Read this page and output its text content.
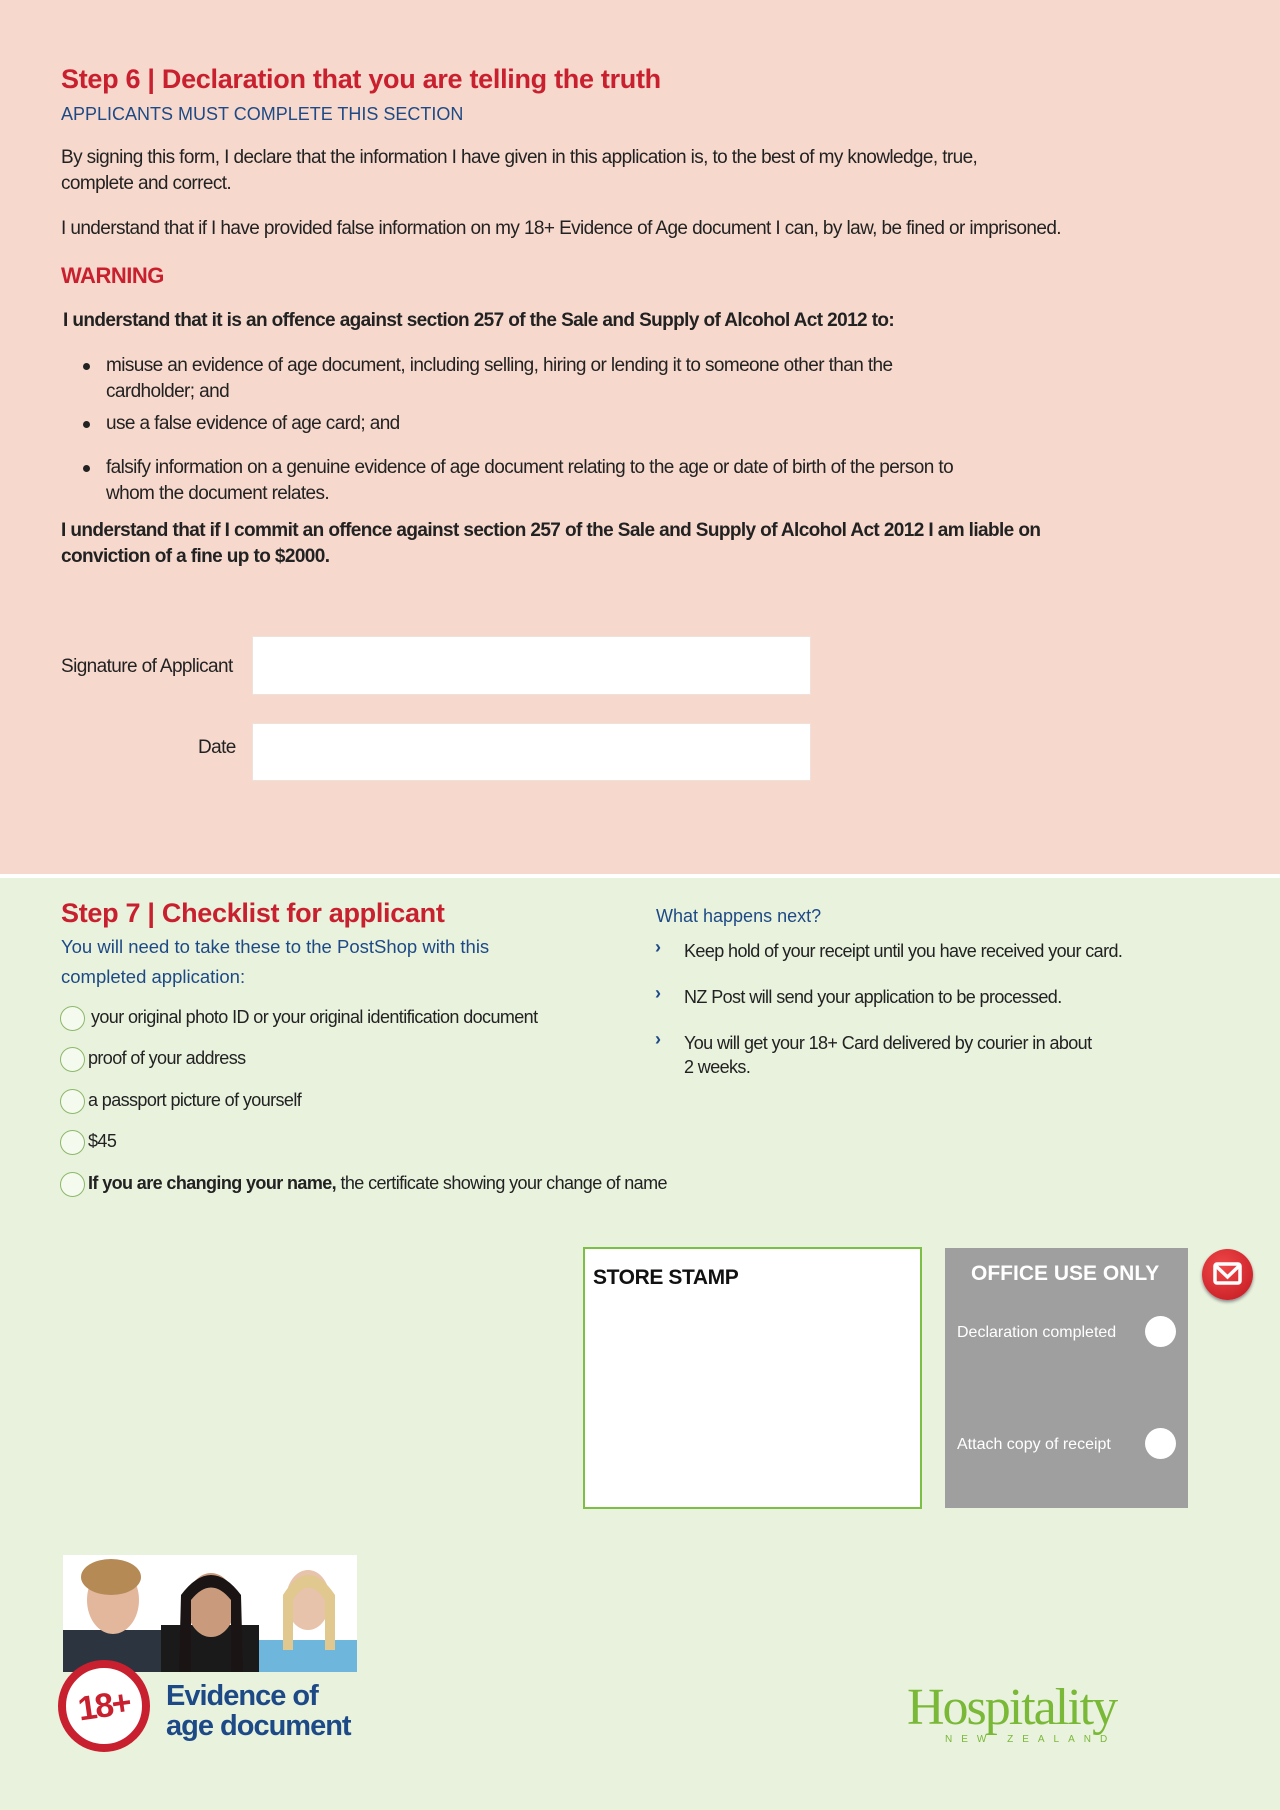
Step 6 | Declaration that you are telling the truth
APPLICANTS MUST COMPLETE THIS SECTION
By signing this form, I declare that the information I have given in this application is, to the best of my knowledge, true,
complete and correct.
I understand that if I have provided false information on my 18+ Evidence of Age document I can, by law, be fined or imprisoned.
WARNING
I understand that it is an offence against section 257 of the Sale and Supply of Alcohol Act 2012 to:
misuse an evidence of age document, including selling, hiring or lending it to someone other than the
cardholder; and
use a false evidence of age card; and
falsify information on a genuine evidence of age document relating to the age or date of birth of the person to
whom the document relates.
I understand that if I commit an offence against section 257 of the Sale and Supply of Alcohol Act 2012 I am liable on
conviction of a fine up to $2000.
Signature of Applicant
Date
Step 7 | Checklist for applicant
You will need to take these to the PostShop with this
completed application:
your original photo ID or your original identification document
proof of your address
a passport picture of yourself
$45
If you are changing your name, the certificate showing your change of name
What happens next?
› Keep hold of your receipt until you have received your card.
› NZ Post will send your application to be processed.
› You will get your 18+ Card delivered by courier in about
2 weeks.
STORE STAMP	OFFICE USE ONLY
Declaration completed
Attach copy of receipt
18+ Evidence of
age document	Hospitality
NEW ZEALAND
